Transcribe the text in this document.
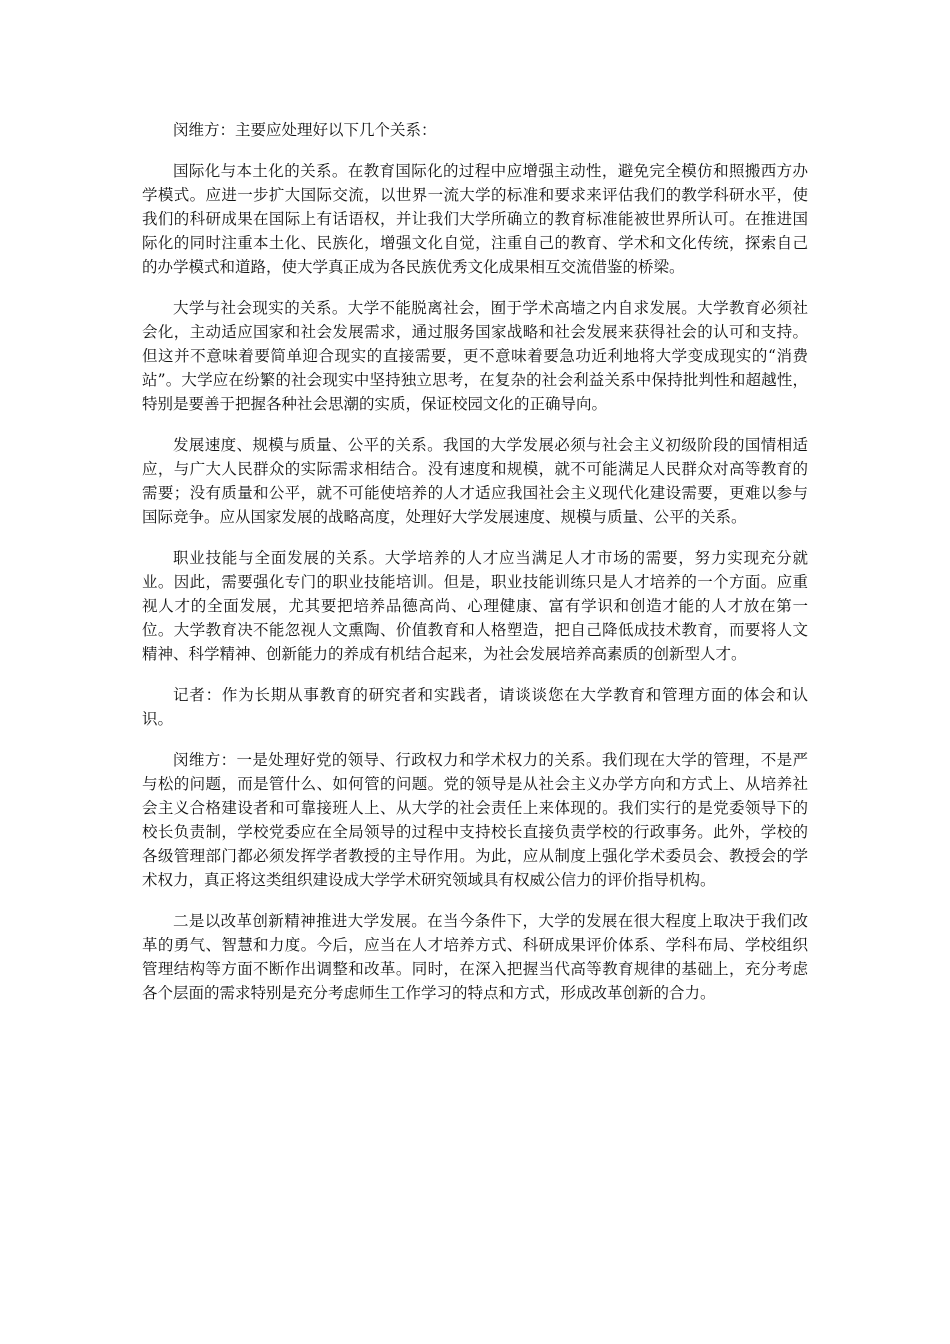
闵维方：主要应处理好以下几个关系：

国际化与本土化的关系。在教育国际化的过程中应增强主动性，避免完全模仿和照搬西方办学模式。应进一步扩大国际交流，以世界一流大学的标准和要求来评估我们的教学科研水平，使我们的科研成果在国际上有话语权，并让我们大学所确立的教育标准能被世界所认可。在推进国际化的同时注重本土化、民族化，增强文化自觉，注重自己的教育、学术和文化传统，探索自己的办学模式和道路，使大学真正成为各民族优秀文化成果相互交流借鉴的桥梁。

大学与社会现实的关系。大学不能脱离社会，囿于学术高墙之内自求发展。大学教育必须社会化，主动适应国家和社会发展需求，通过服务国家战略和社会发展来获得社会的认可和支持。但这并不意味着要简单迎合现实的直接需要，更不意味着要急功近利地将大学变成现实的“消费站”。大学应在纷繁的社会现实中坚持独立思考，在复杂的社会利益关系中保持批判性和超越性，特别是要善于把握各种社会思潮的实质，保证校园文化的正确导向。

发展速度、规模与质量、公平的关系。我国的大学发展必须与社会主义初级阶段的国情相适应，与广大人民群众的实际需求相结合。没有速度和规模，就不可能满足人民群众对高等教育的需要；没有质量和公平，就不可能使培养的人才适应我国社会主义现代化建设需要，更难以参与国际竞争。应从国家发展的战略高度，处理好大学发展速度、规模与质量、公平的关系。

职业技能与全面发展的关系。大学培养的人才应当满足人才市场的需要，努力实现充分就业。因此，需要强化专门的职业技能培训。但是，职业技能训练只是人才培养的一个方面。应重视人才的全面发展，尤其要把培养品德高尚、心理健康、富有学识和创造才能的人才放在第一位。大学教育决不能忽视人文熏陶、价值教育和人格塑造，把自己降低成技术教育，而要将人文精神、科学精神、创新能力的养成有机结合起来，为社会发展培养高素质的创新型人才。

记者：作为长期从事教育的研究者和实践者，请谈谈您在大学教育和管理方面的体会和认识。

闵维方：一是处理好党的领导、行政权力和学术权力的关系。我们现在大学的管理，不是严与松的问题，而是管什么、如何管的问题。党的领导是从社会主义办学方向和方式上、从培养社会主义合格建设者和可靠接班人上、从大学的社会责任上来体现的。我们实行的是党委领导下的校长负责制，学校党委应在全局领导的过程中支持校长直接负责学校的行政事务。此外，学校的各级管理部门都必须发挥学者教授的主导作用。为此，应从制度上强化学术委员会、教授会的学术权力，真正将这类组织建设成大学学术研究领域具有权威公信力的评价指导机构。

二是以改革创新精神推进大学发展。在当今条件下，大学的发展在很大程度上取决于我们改革的勇气、智慧和力度。今后，应当在人才培养方式、科研成果评价体系、学科布局、学校组织管理结构等方面不断作出调整和改革。同时，在深入把握当代高等教育规律的基础上，充分考虑各个层面的需求特别是充分考虑师生工作学习的特点和方式，形成改革创新的合力。
